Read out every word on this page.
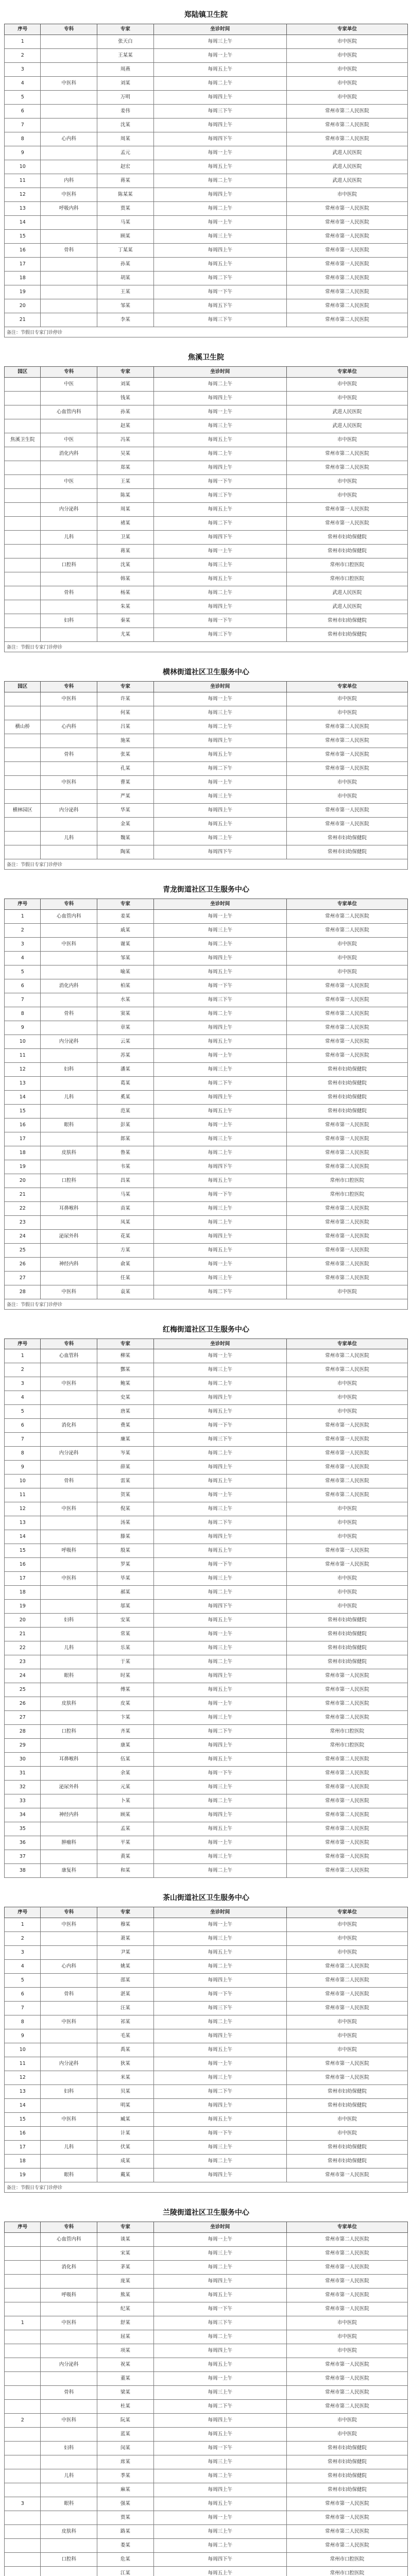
郑陆镇卫生院
序号	专科	专家	坐诊时间	专家单位
1		张天白	每周三上午	市中医院
2		王某某	每周一上午	市中医院
3		周燕	每周五上午	市中医院
4	中医科	刘某	每周二上午	市中医院
5		万明	每周四上午	市中医院
6		姜伟	每周三下午	常州市第二人民医院
7		沈某	每周四上午	常州市第二人民医院
8	心内科	周某	每周四下午	常州市第二人民医院
9		孟元	每周一上午	武进人民医院
10		赵宏	每周五上午	武进人民医院
11	内科	蒋某	每周二上午	武进人民医院
12	中医科	陈某某	每周四上午	市中医院
13	呼吸内科	贾某	每周二上午	常州市第一人民医院
14		马某	每周一上午	常州市第一人民医院
15		顾某	每周三上午	常州市第一人民医院
16	骨科	丁某某	每周四上午	常州市第一人民医院
17		孙某	每周五上午	常州市第一人民医院
18		胡某	每周二下午	常州市第二人民医院
19		王某	每周一下午	常州市第二人民医院
20		邹某	每周五下午	常州市第二人民医院
21		李某	每周三下午	常州市第二人民医院
备注：节假日专家门诊停诊
焦溪卫生院
园区	专科	专家	坐诊时间	专家单位
	中医	刘某	每周二上午	市中医院
		钱某	每周四上午	市中医院
	心血管内科	孙某	每周一上午	武进人民医院
		赵某	每周三上午	武进人民医院
焦溪卫生院	中医	冯某	每周五上午	市中医院
	消化内科	吴某	每周二上午	常州市第二人民医院
		郑某	每周四上午	常州市第二人民医院
	中医	王某	每周一下午	市中医院
		陈某	每周三下午	市中医院
	内分泌科	周某	每周五上午	常州市第一人民医院
		褚某	每周二下午	常州市第一人民医院
	儿科	卫某	每周四下午	常州市妇幼保健院
		蒋某	每周一上午	常州市妇幼保健院
	口腔科	沈某	每周三上午	常州市口腔医院
		韩某	每周五上午	常州市口腔医院
	骨科	杨某	每周二上午	武进人民医院
		朱某	每周四上午	武进人民医院
	妇科	秦某	每周一下午	常州市妇幼保健院
		尤某	每周三下午	常州市妇幼保健院
备注：节假日专家门诊停诊
横林街道社区卫生服务中心
园区	专科	专家	坐诊时间	专家单位
	中医科	许某	每周一上午	市中医院
		何某	每周三上午	市中医院
横山桥	心内科	吕某	每周二上午	常州市第二人民医院
		施某	每周四上午	常州市第二人民医院
	骨科	张某	每周五上午	常州市第一人民医院
		孔某	每周二下午	常州市第一人民医院
	中医科	曹某	每周一上午	市中医院
		严某	每周三上午	市中医院
横林园区	内分泌科	华某	每周四上午	常州市第一人民医院
		金某	每周五上午	常州市第一人民医院
	儿科	魏某	每周二上午	常州市妇幼保健院
		陶某	每周四下午	常州市妇幼保健院
备注：节假日专家门诊停诊
青龙街道社区卫生服务中心
序号	专科	专家	坐诊时间	专家单位
1	心血管内科	姜某	每周一上午	常州市第二人民医院
2		戚某	每周三上午	常州市第二人民医院
3	中医科	谢某	每周二上午	市中医院
4		邹某	每周四上午	市中医院
5		喻某	每周五上午	市中医院
6	消化内科	柏某	每周一下午	常州市第一人民医院
7		水某	每周三下午	常州市第一人民医院
8	骨科	窦某	每周二上午	常州市第二人民医院
9		章某	每周四上午	常州市第二人民医院
10	内分泌科	云某	每周五上午	常州市第一人民医院
11		苏某	每周一上午	常州市第一人民医院
12	妇科	潘某	每周三上午	常州市妇幼保健院
13		葛某	每周二下午	常州市妇幼保健院
14	儿科	奚某	每周四上午	常州市妇幼保健院
15		范某	每周五上午	常州市妇幼保健院
16	眼科	彭某	每周一上午	常州市第一人民医院
17		郎某	每周三上午	常州市第一人民医院
18	皮肤科	鲁某	每周二上午	常州市第二人民医院
19		韦某	每周四下午	常州市第二人民医院
20	口腔科	昌某	每周五上午	常州市口腔医院
21		马某	每周一下午	常州市口腔医院
22	耳鼻喉科	苗某	每周三上午	常州市第二人民医院
23		凤某	每周二上午	常州市第二人民医院
24	泌尿外科	花某	每周四上午	常州市第一人民医院
25		方某	每周五上午	常州市第一人民医院
26	神经内科	俞某	每周一上午	常州市第二人民医院
27		任某	每周三上午	常州市第二人民医院
28	中医科	袁某	每周二下午	市中医院
备注：节假日专家门诊停诊
红梅街道社区卫生服务中心
序号	专科	专家	坐诊时间	专家单位
1	心血管科	柳某	每周一上午	常州市第二人民医院
2		酆某	每周三上午	常州市第二人民医院
3	中医科	鲍某	每周二上午	市中医院
4		史某	每周四上午	市中医院
5		唐某	每周五上午	市中医院
6	消化科	费某	每周一下午	常州市第一人民医院
7		廉某	每周三下午	常州市第一人民医院
8	内分泌科	岑某	每周二上午	常州市第一人民医院
9		薛某	每周四上午	常州市第一人民医院
10	骨科	雷某	每周五上午	常州市第二人民医院
11		贺某	每周一上午	常州市第二人民医院
12	中医科	倪某	每周三上午	市中医院
13		汤某	每周二下午	市中医院
14		滕某	每周四上午	市中医院
15	呼吸科	殷某	每周五上午	常州市第一人民医院
16		罗某	每周一下午	常州市第一人民医院
17	中医科	毕某	每周三上午	市中医院
18		郝某	每周二上午	市中医院
19		邬某	每周四下午	市中医院
20	妇科	安某	每周五上午	常州市妇幼保健院
21		常某	每周一上午	常州市妇幼保健院
22	儿科	乐某	每周三上午	常州市妇幼保健院
23		于某	每周二上午	常州市妇幼保健院
24	眼科	时某	每周四上午	常州市第一人民医院
25		傅某	每周五上午	常州市第一人民医院
26	皮肤科	皮某	每周一上午	常州市第二人民医院
27		卞某	每周三上午	常州市第二人民医院
28	口腔科	齐某	每周二下午	常州市口腔医院
29		康某	每周四上午	常州市口腔医院
30	耳鼻喉科	伍某	每周五上午	常州市第二人民医院
31		余某	每周一下午	常州市第二人民医院
32	泌尿外科	元某	每周三上午	常州市第一人民医院
33		卜某	每周二上午	常州市第一人民医院
34	神经内科	顾某	每周四上午	常州市第二人民医院
35		孟某	每周五上午	常州市第二人民医院
36	肿瘤科	平某	每周一上午	常州市第一人民医院
37		黄某	每周三上午	常州市第一人民医院
38	康复科	和某	每周二上午	常州市第二人民医院
茶山街道社区卫生服务中心
序号	专科	专家	坐诊时间	专家单位
1	中医科	穆某	每周一上午	市中医院
2		萧某	每周三上午	市中医院
3		尹某	每周五上午	市中医院
4	心内科	姚某	每周二上午	常州市第二人民医院
5		邵某	每周四上午	常州市第二人民医院
6	骨科	湛某	每周一下午	常州市第一人民医院
7		汪某	每周三下午	常州市第一人民医院
8	中医科	祁某	每周二上午	市中医院
9		毛某	每周四上午	市中医院
10		禹某	每周五上午	市中医院
11	内分泌科	狄某	每周一上午	常州市第一人民医院
12		米某	每周三上午	常州市第一人民医院
13	妇科	贝某	每周二下午	常州市妇幼保健院
14		明某	每周四上午	常州市妇幼保健院
15	中医科	臧某	每周五上午	市中医院
16		计某	每周一下午	市中医院
17	儿科	伏某	每周三上午	常州市妇幼保健院
18		成某	每周二上午	常州市妇幼保健院
19	眼科	戴某	每周四上午	常州市第一人民医院
备注：节假日专家门诊停诊
兰陵街道社区卫生服务中心
序号	专科	专家	坐诊时间	专家单位
	心血管内科	谈某	每周一上午	常州市第二人民医院
		宋某	每周三上午	常州市第二人民医院
	消化科	茅某	每周二上午	常州市第一人民医院
		庞某	每周四上午	常州市第一人民医院
	呼吸科	熊某	每周五上午	常州市第一人民医院
		纪某	每周一下午	常州市第一人民医院
1	中医科	舒某	每周三下午	市中医院
		屈某	每周二上午	市中医院
		项某	每周四上午	市中医院
	内分泌科	祝某	每周五上午	常州市第一人民医院
		董某	每周一上午	常州市第一人民医院
	骨科	梁某	每周三上午	常州市第二人民医院
		杜某	每周二下午	常州市第二人民医院
2	中医科	阮某	每周四上午	市中医院
		蓝某	每周五上午	市中医院
	妇科	闵某	每周一下午	常州市妇幼保健院
		席某	每周三上午	常州市妇幼保健院
	儿科	季某	每周二上午	常州市妇幼保健院
		麻某	每周四上午	常州市妇幼保健院
3	眼科	强某	每周五上午	常州市第一人民医院
		贾某	每周一上午	常州市第一人民医院
	皮肤科	路某	每周三上午	常州市第二人民医院
		娄某	每周二上午	常州市第二人民医院
	口腔科	危某	每周四下午	常州市口腔医院
		江某	每周五上午	常州市口腔医院
